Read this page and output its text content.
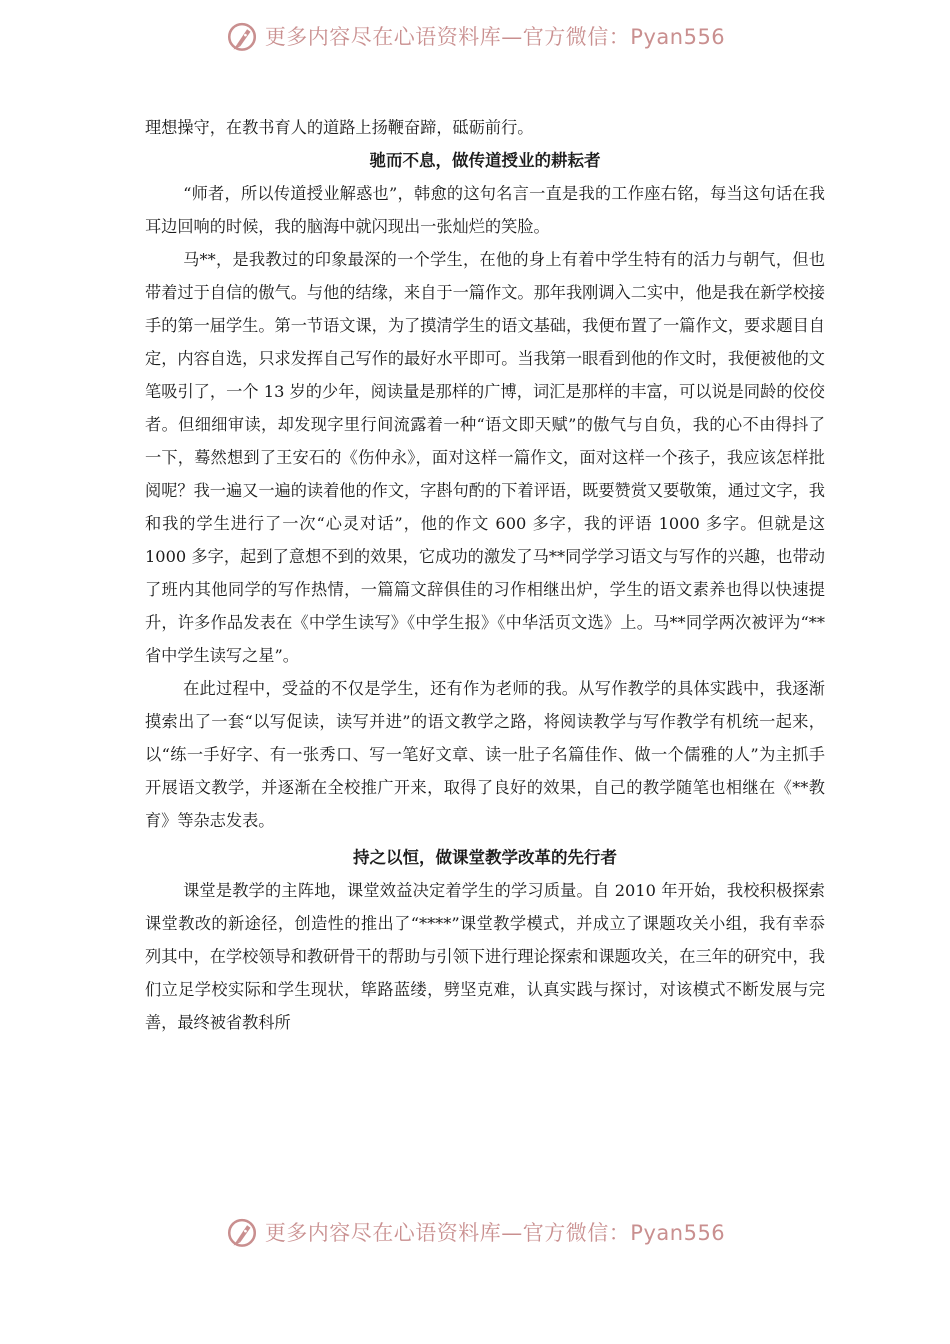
更多内容尽在心语资料库—官方微信：Pyan556

理想操守，在教书育人的道路上扬鞭奋蹄，砥砺前行。

驰而不息，做传道授业的耕耘者

“师者，所以传道授业解惑也”，韩愈的这句名言一直是我的工作座右铭，每当这句话在我耳边回响的时候，我的脑海中就闪现出一张灿烂的笑脸。

马**，是我教过的印象最深的一个学生，在他的身上有着中学生特有的活力与朝气，但也带着过于自信的傲气。与他的结缘，来自于一篇作文。那年我刚调入二实中，他是我在新学校接手的第一届学生。第一节语文课，为了摸清学生的语文基础，我便布置了一篇作文，要求题目自定，内容自选，只求发挥自己写作的最好水平即可。当我第一眼看到他的作文时，我便被他的文笔吸引了，一个 13 岁的少年，阅读量是那样的广博，词汇是那样的丰富，可以说是同龄的佼佼者。但细细审读，却发现字里行间流露着一种“语文即天赋”的傲气与自负，我的心不由得抖了一下，蓦然想到了王安石的《伤仲永》，面对这样一篇作文，面对这样一个孩子，我应该怎样批阅呢？我一遍又一遍的读着他的作文，字斟句酌的下着评语，既要赞赏又要敬策，通过文字，我和我的学生进行了一次“心灵对话”，他的作文 600 多字，我的评语 1000 多字。但就是这 1000 多字，起到了意想不到的效果，它成功的激发了马**同学学习语文与写作的兴趣，也带动了班内其他同学的写作热情，一篇篇文辞俱佳的习作相继出炉，学生的语文素养也得以快速提升，许多作品发表在《中学生读写》《中学生报》《中华活页文选》上。马**同学两次被评为“**省中学生读写之星”。

在此过程中，受益的不仅是学生，还有作为老师的我。从写作教学的具体实践中，我逐渐摸索出了一套“以写促读，读写并进”的语文教学之路，将阅读教学与写作教学有机统一起来，以“练一手好字、有一张秀口、写一笔好文章、读一肚子名篇佳作、做一个儒雅的人”为主抓手开展语文教学，并逐渐在全校推广开来，取得了良好的效果，自己的教学随笔也相继在《**教育》等杂志发表。

持之以恒，做课堂教学改革的先行者

课堂是教学的主阵地，课堂效益决定着学生的学习质量。自 2010 年开始，我校积极探索课堂教改的新途径，创造性的推出了“****”课堂教学模式，并成立了课题攻关小组，我有幸忝列其中，在学校领导和教研骨干的帮助与引领下进行理论探索和课题攻关，在三年的研究中，我们立足学校实际和学生现状，筚路蓝缕，劈坚克难，认真实践与探讨，对该模式不断发展与完善，最终被省教科所

更多内容尽在心语资料库—官方微信：Pyan556
